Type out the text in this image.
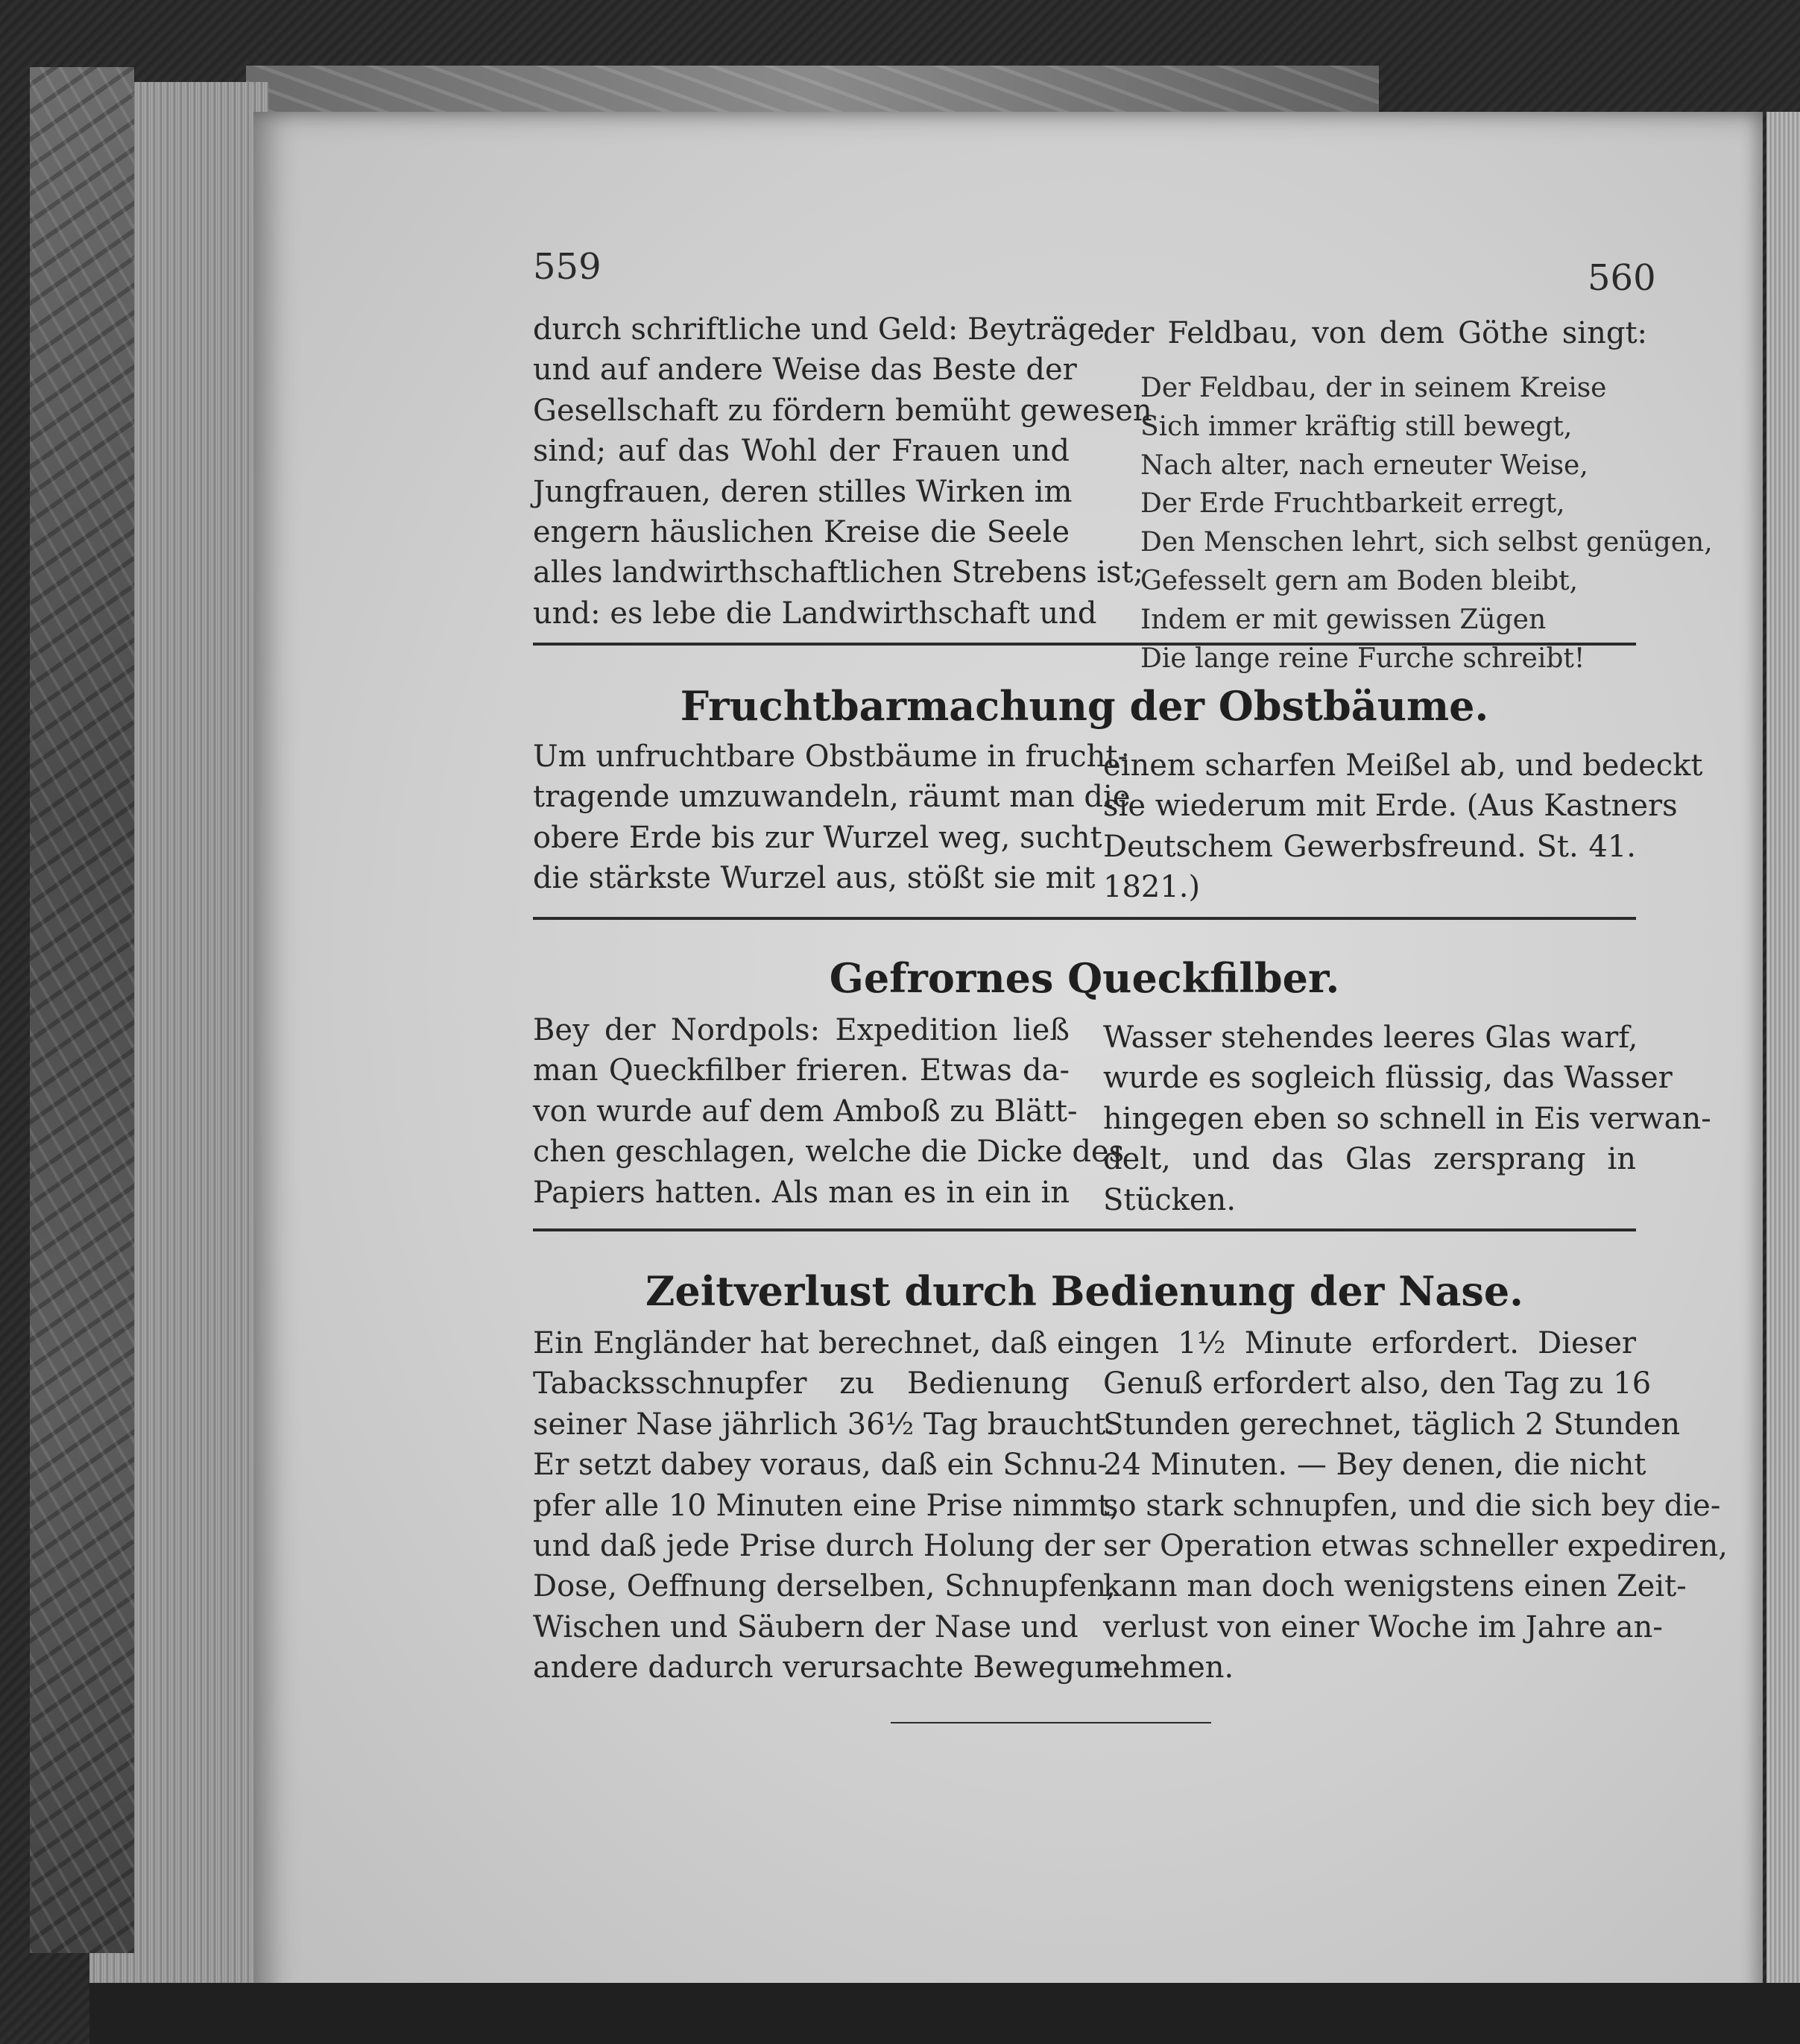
559	560
durch schriftliche und Geld: Beyträge
und auf andere Weise das Beste der
Gesellschaft zu fördern bemüht gewesen
sind; auf das Wohl der Frauen und
Jungfrauen, deren stilles Wirken im
engern häuslichen Kreise die Seele
alles landwirthschaftlichen Strebens ist;
und: es lebe die Landwirthschaft und
der Feldbau, von dem Göthe singt:
Der Feldbau, der in seinem Kreise
Sich immer kräftig still bewegt,
Nach alter, nach erneuter Weise,
Der Erde Fruchtbarkeit erregt,
Den Menschen lehrt, sich selbst genügen,
Gefesselt gern am Boden bleibt,
Indem er mit gewissen Zügen
Die lange reine Furche schreibt!
Fruchtbarmachung der Obstbäume.
Um unfruchtbare Obstbäume in frucht-
tragende umzuwandeln, räumt man die
obere Erde bis zur Wurzel weg, sucht
die stärkste Wurzel aus, stößt sie mit
einem scharfen Meißel ab, und bedeckt
sie wiederum mit Erde. (Aus Kastners
Deutschem Gewerbsfreund. St. 41.
1821.)
Gefrornes Queckfilber.
Bey der Nordpols: Expedition ließ
man Queckfilber frieren. Etwas da-
von wurde auf dem Amboß zu Blätt-
chen geschlagen, welche die Dicke des
Papiers hatten. Als man es in ein in
Wasser stehendes leeres Glas warf,
wurde es sogleich flüssig, das Wasser
hingegen eben so schnell in Eis verwan-
delt, und das Glas zersprang in
Stücken.
Zeitverlust durch Bedienung der Nase.
Ein Engländer hat berechnet, daß ein
Tabacksschnupfer zu Bedienung
seiner Nase jährlich 36½ Tag braucht.
Er setzt dabey voraus, daß ein Schnu-
pfer alle 10 Minuten eine Prise nimmt,
und daß jede Prise durch Holung der
Dose, Oeffnung derselben, Schnupfen,
Wischen und Säubern der Nase und
andere dadurch verursachte Bewegun-
gen 1½ Minute erfordert. Dieser
Genuß erfordert also, den Tag zu 16
Stunden gerechnet, täglich 2 Stunden
24 Minuten. — Bey denen, die nicht
so stark schnupfen, und die sich bey die-
ser Operation etwas schneller expediren,
kann man doch wenigstens einen Zeit-
verlust von einer Woche im Jahre an-
nehmen.
